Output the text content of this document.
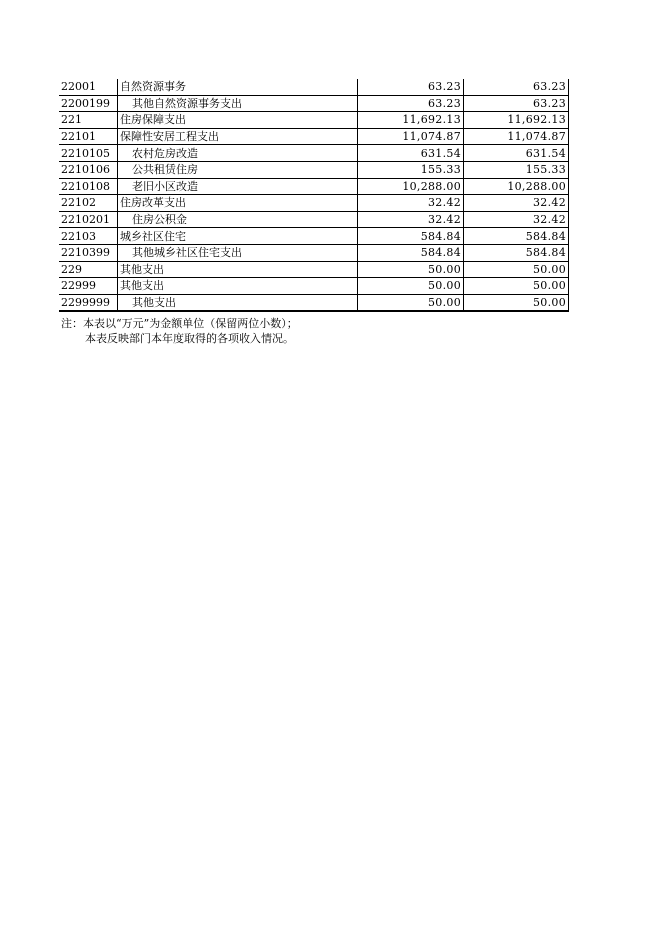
22001	自然资源事务	63.23	63.23
2200199	其他自然资源事务支出	63.23	63.23
221	住房保障支出	11,692.13	11,692.13
22101	保障性安居工程支出	11,074.87	11,074.87
2210105	农村危房改造	631.54	631.54
2210106	公共租赁住房	155.33	155.33
2210108	老旧小区改造	10,288.00	10,288.00
22102	住房改革支出	32.42	32.42
2210201	住房公积金	32.42	32.42
22103	城乡社区住宅	584.84	584.84
2210399	其他城乡社区住宅支出	584.84	584.84
229	其他支出	50.00	50.00
22999	其他支出	50.00	50.00
2299999	其他支出	50.00	50.00
注：本表以“万元”为金额单位（保留两位小数）；
本表反映部门本年度取得的各项收入情况。
